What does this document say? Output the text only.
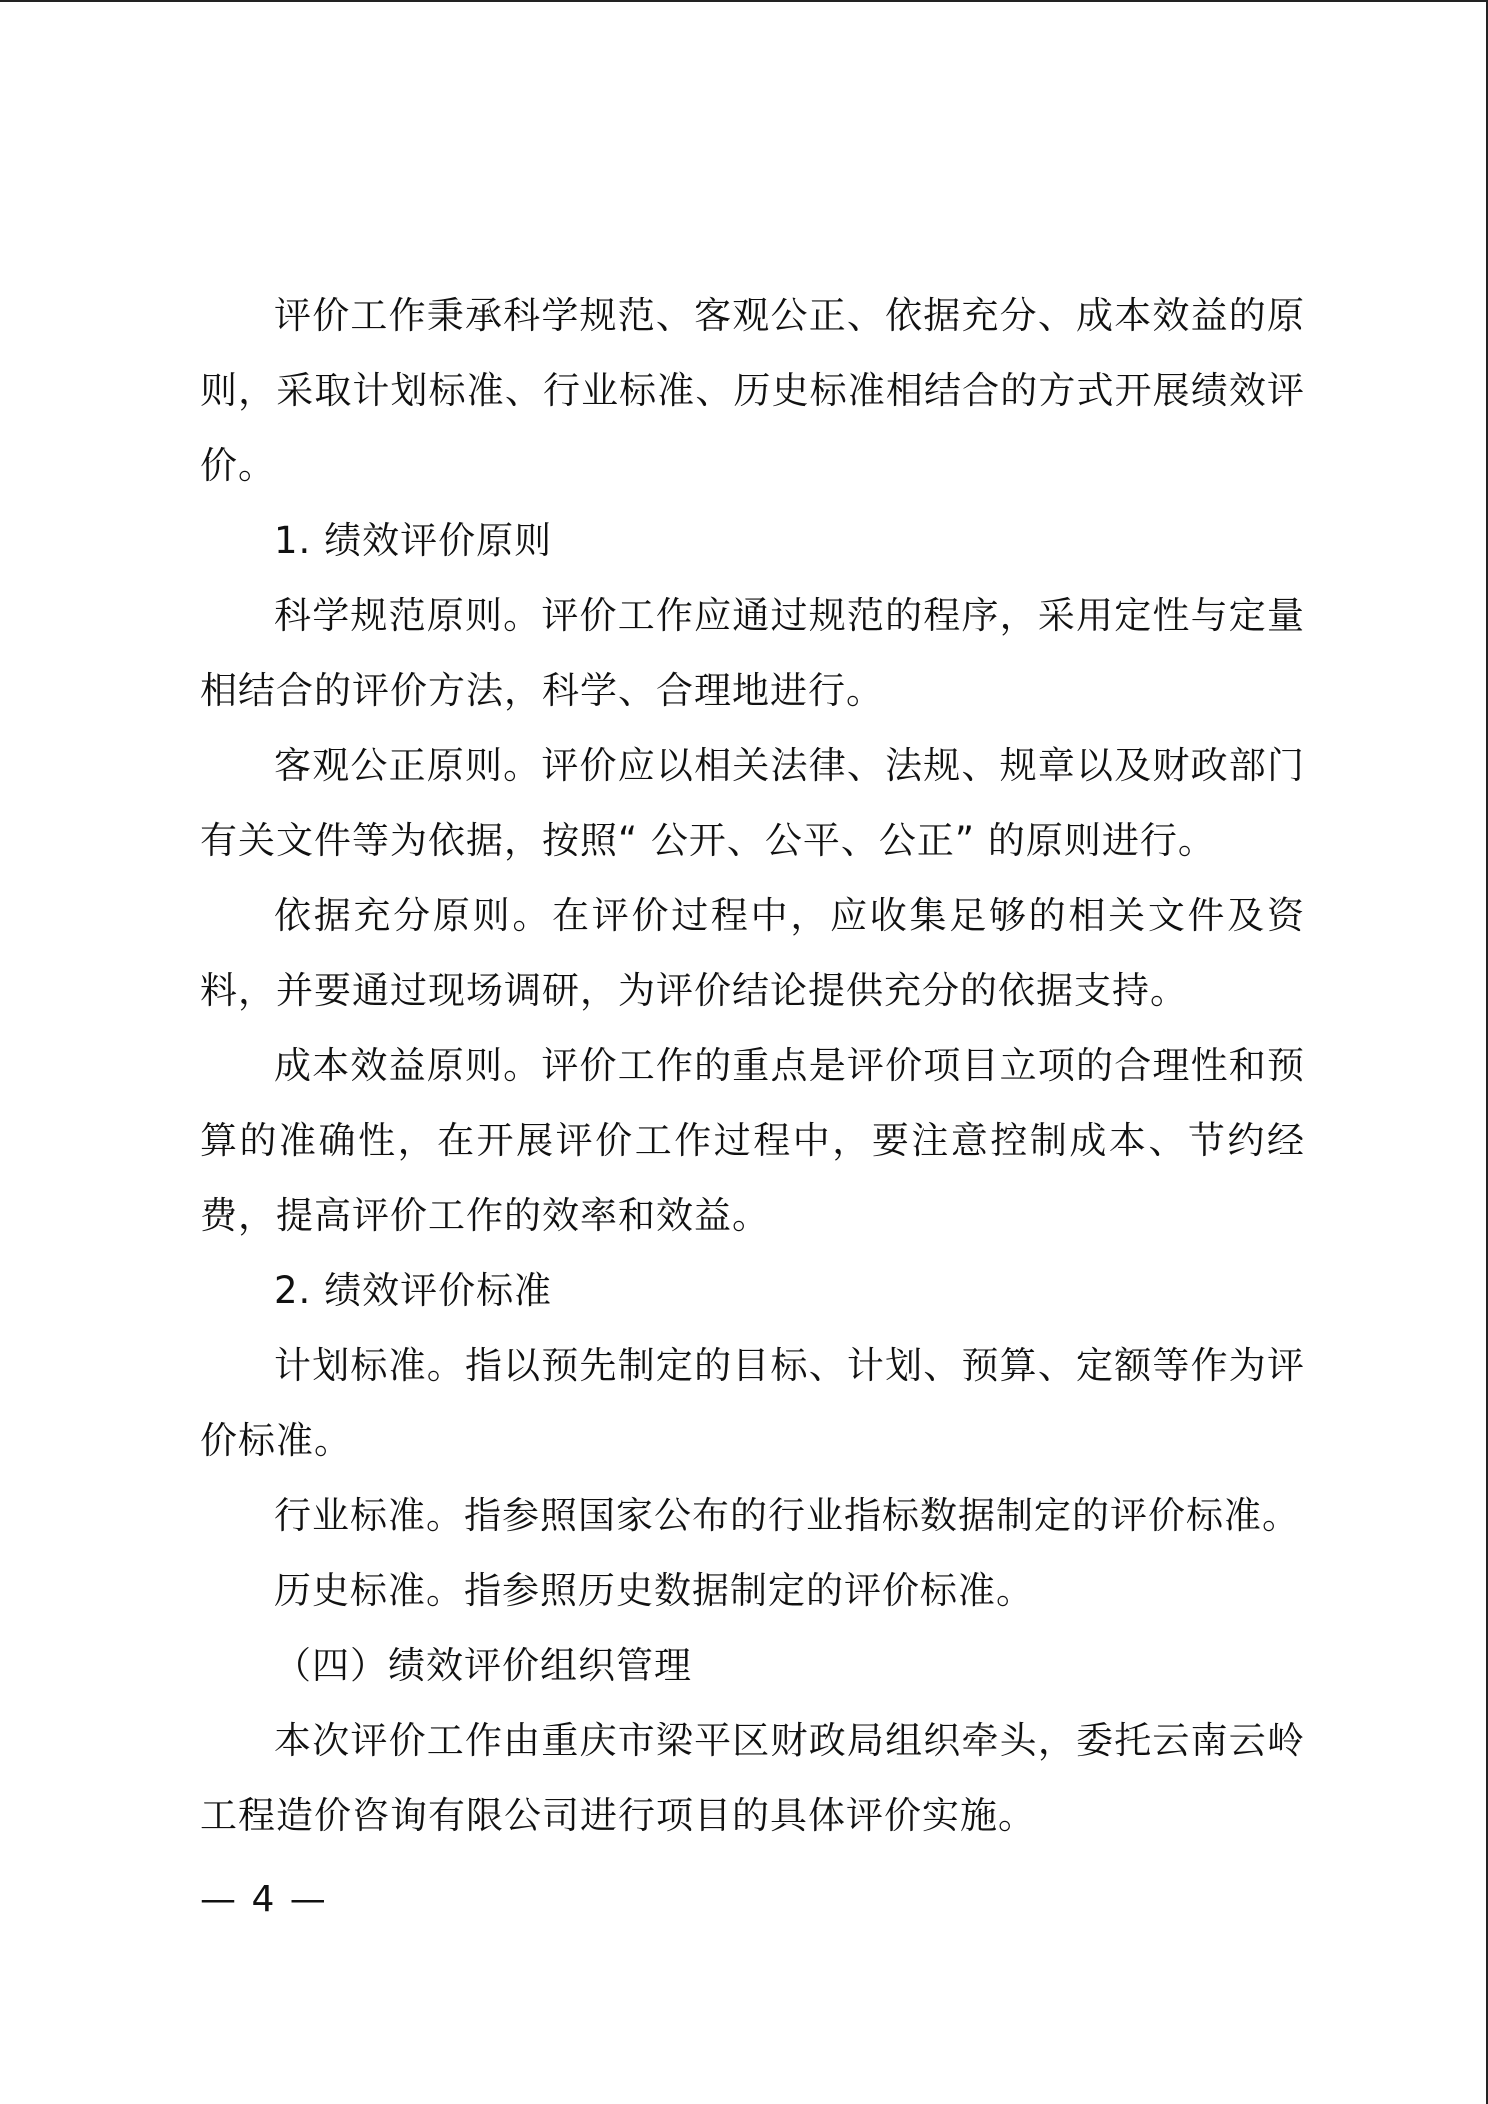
评价工作秉承科学规范、客观公正、依据充分、成本效益的原则，采取计划标准、行业标准、历史标准相结合的方式开展绩效评价。

1. 绩效评价原则

科学规范原则。评价工作应通过规范的程序，采用定性与定量相结合的评价方法，科学、合理地进行。

客观公正原则。评价应以相关法律、法规、规章以及财政部门有关文件等为依据，按照“ 公开、公平、公正” 的原则进行。

依据充分原则。在评价过程中，应收集足够的相关文件及资料，并要通过现场调研，为评价结论提供充分的依据支持。

成本效益原则。评价工作的重点是评价项目立项的合理性和预算的准确性，在开展评价工作过程中，要注意控制成本、节约经费，提高评价工作的效率和效益。

2. 绩效评价标准

计划标准。指以预先制定的目标、计划、预算、定额等作为评价标准。

行业标准。指参照国家公布的行业指标数据制定的评价标准。

历史标准。指参照历史数据制定的评价标准。

（四）绩效评价组织管理

本次评价工作由重庆市梁平区财政局组织牵头，委托云南云岭工程造价咨询有限公司进行项目的具体评价实施。

— 4 —
